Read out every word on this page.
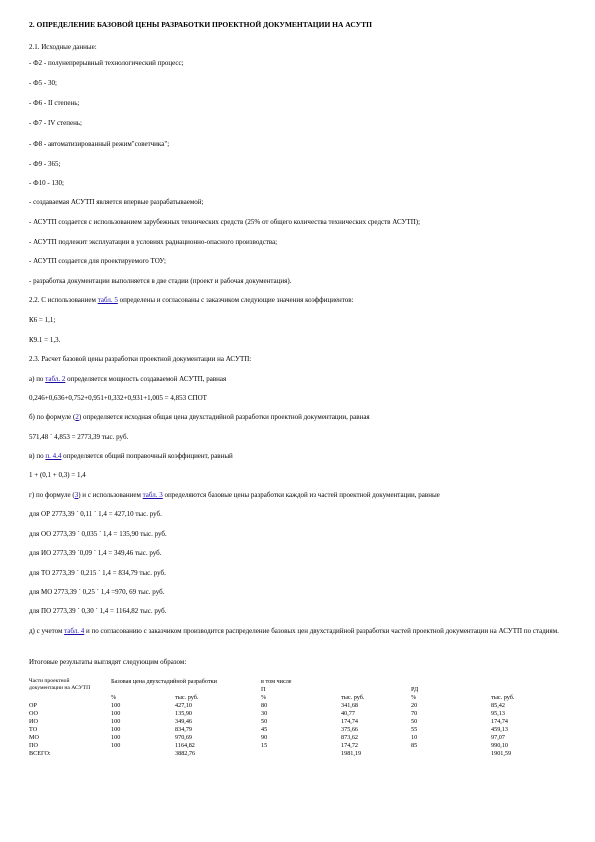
2. ОПРЕДЕЛЕНИЕ БАЗОВОЙ ЦЕНЫ РАЗРАБОТКИ ПРОЕКТНОЙ ДОКУМЕНТАЦИИ НА АСУТП
2.1. Исходные данные:
- Ф2 - полунепрерывный технологический процесс;
- Ф5 - 30;
- Ф6 - II степень;
- Ф7 - IV степень;
- Ф8 - автоматизированный режим"советчика";
- Ф9 - 365;
- Ф10 - 130;
- создаваемая АСУТП является впервые разрабатываемой;
- АСУТП создается с использованием зарубежных технических средств (25% от общего количества технических средств АСУТП);
- АСУТП подлежит эксплуатации в условиях радиационно-опасного производства;
- АСУТП создается для проектируемого ТОУ;
- разработка документации выполняется в две стадии (проект и рабочая документация).
2.2. С использованием табл. 5 определены и согласованы с заказчиком следующие значения коэффициентов:
К6 = 1,1;
К9.1 = 1,3.
2.3. Расчет базовой цены разработки проектной документации на АСУТП:
а) по табл. 2 определяется мощность создаваемой АСУТП, равная
0,246+0,636+0,752+0,951+0,332+0,931+1,005 = 4,853 СПОТ
б) по формуле (2) определяется исходная общая цена двухстадийной разработки проектной документации, равная
571,48 ´ 4,853 = 2773,39 тыс. руб.
в) по п. 4.4 определяется общий поправочный коэффициент, равный
1 + (0,1 + 0,3) = 1,4
г) по формуле (3) и с использованием табл. 3 определяются базовые цены разработки каждой из частей проектной документации, равные
для ОР 2773,39 ´ 0,11 ´ 1,4 = 427,10 тыс. руб.
для ОО 2773,39 ´ 0,035 ´ 1,4 = 135,90 тыс. руб.
для ИО 2773,39 ´0,09 ´ 1,4 = 349,46 тыс. руб.
для ТО 2773,39 ´ 0,215 ´ 1,4 = 834,79 тыс. руб.
для МО 2773,39 ´ 0,25 ´ 1,4 =970, 69 тыс. руб.
для ПО 2773,39 ´ 0,30 ´ 1,4 = 1164,82 тыс. руб.
д) с учетом табл. 4 и по согласованию с заказчиком производится распределение базовых цен двухстадийной разработки частей проектной документации на АСУТП по стадиям.
Итоговые результаты выглядят следующим образом:
Части проектной документации на АСУТП	Базовая цена двухстадийной разработки		в том числе			
			П		РД	
	%	тыс. руб.	%	тыс. руб.	%	тыс. руб.
ОР	100	427,10	80	341,68	20	85,42
ОО	100	135,90	30	40,77	70	95,13
ИО	100	349,46	50	174,74	50	174,74
ТО	100	834,79	45	375,66	55	459,13
МО	100	970,69	90	873,62	10	97,07
ПО	100	1164,82	15	174,72	85	990,10
ВСЕГО:		3882,76		1981,19		1901,59
